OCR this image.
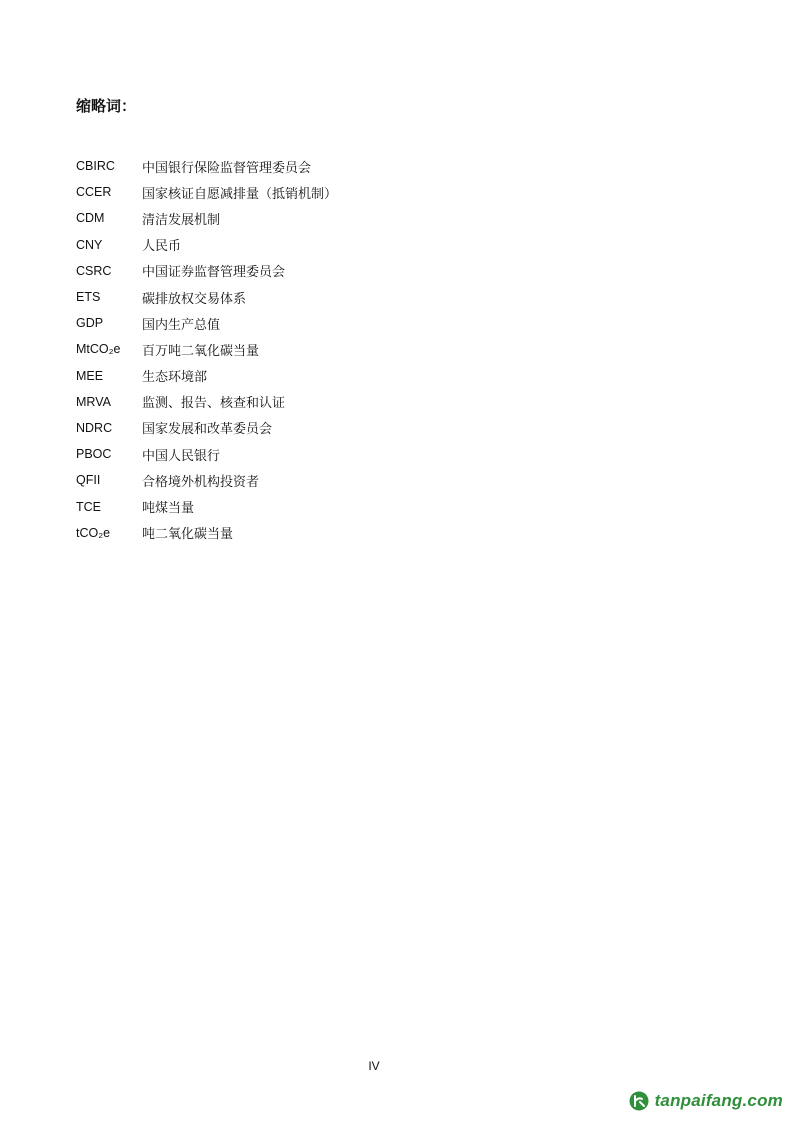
缩略词：
CBIRC	中国银行保险监督管理委员会
CCER	国家核证自愿减排量（抵销机制）
CDM	清洁发展机制
CNY	人民币
CSRC	中国证券监督管理委员会
ETS	碳排放权交易体系
GDP	国内生产总值
MtCO₂e	百万吨二氧化碳当量
MEE	生态环境部
MRVA	监测、报告、核查和认证
NDRC	国家发展和改革委员会
PBOC	中国人民银行
QFII	合格境外机构投资者
TCE	吨煤当量
tCO₂e	吨二氧化碳当量
IV
tanpaifang.com
